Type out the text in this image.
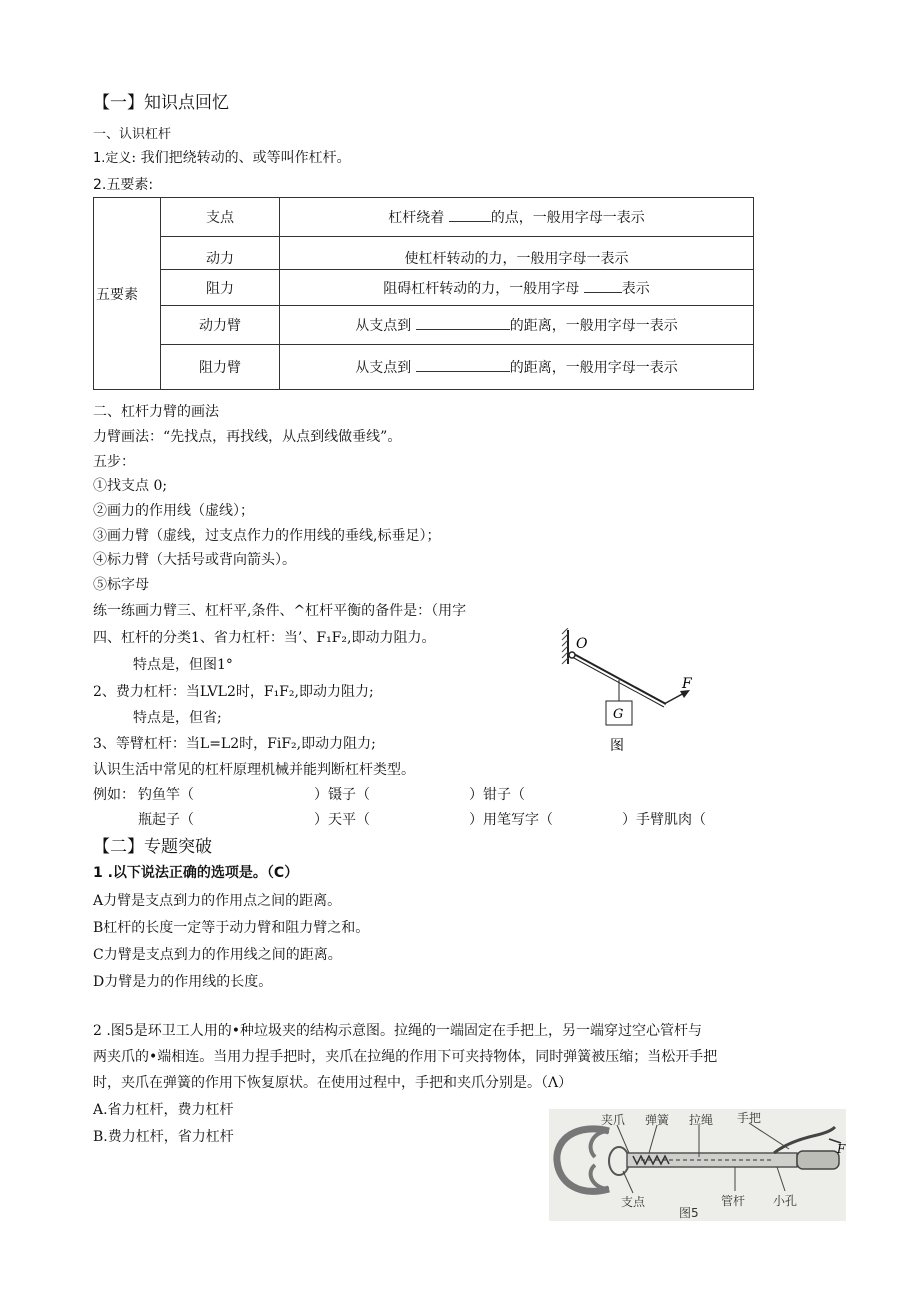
【一】知识点回忆
一、认识杠杆
1.定义: 我们把绕转动的、或等叫作杠杆。
2.五要素:
五要素	支点	杠杆绕着 的点，一般用字母一表示
	动力	使杠杆转动的力，一般用字母一表示
	阻力	阻碍杠杆转动的力，一般用字母 表示
	动力臂	从支点到 的距离，一般用字母一表示
	阻力臂	从支点到 的距离，一般用字母一表示
二、杠杆力臂的画法
力臂画法：“先找点，再找线，从点到线做垂线”。
五步：
①找支点 0;
②画力的作用线（虚线）；
③画力臂（虚线，过支点作力的作用线的垂线,标垂足）；
④标力臂（大括号或背向箭头）。
⑤标字母
练一练画力臂三、杠杆平,条件、^杠杆平衡的备件是：（用字
四、杠杆的分类1、省力杠杆：当’、F₁F₂,即动力阻力。
特点是，但图1°
2、费力杠杆：当LVL2时，F₁F₂,即动力阻力;
特点是，但省;
3、等臂杠杆：当L=L2时，FiF₂,即动力阻力;
认识生活中常见的杠杆原理机械并能判断杠杆类型。
例如： 钓鱼竿（	）镊子（	）钳子（
瓶起子（	）天平（	）用笔写字（	）手臂肌肉（
O
G
F
图
【二】专题突破
1 .以下说法正确的选项是。（C）
A力臂是支点到力的作用点之间的距离。
B杠杆的长度一定等于动力臂和阻力臂之和。
C力臂是支点到力的作用线之间的距离。
D力臂是力的作用线的长度。
2 .图5是环卫工人用的•种垃圾夹的结构示意图。拉绳的一端固定在手把上，另一端穿过空心管杆与
两夹爪的•端相连。当用力捏手把时，夹爪在拉绳的作用下可夹持物体，同时弹簧被压缩；当松开手把
时，夹爪在弹簧的作用下恢复原状。在使用过程中，手把和夹爪分别是。（Λ）
A.省力杠杆，费力杠杆
B.费力杠杆，省力杠杆
F
夹爪 弹簧 拉绳 手把
支点	管杆 小孔
图5
